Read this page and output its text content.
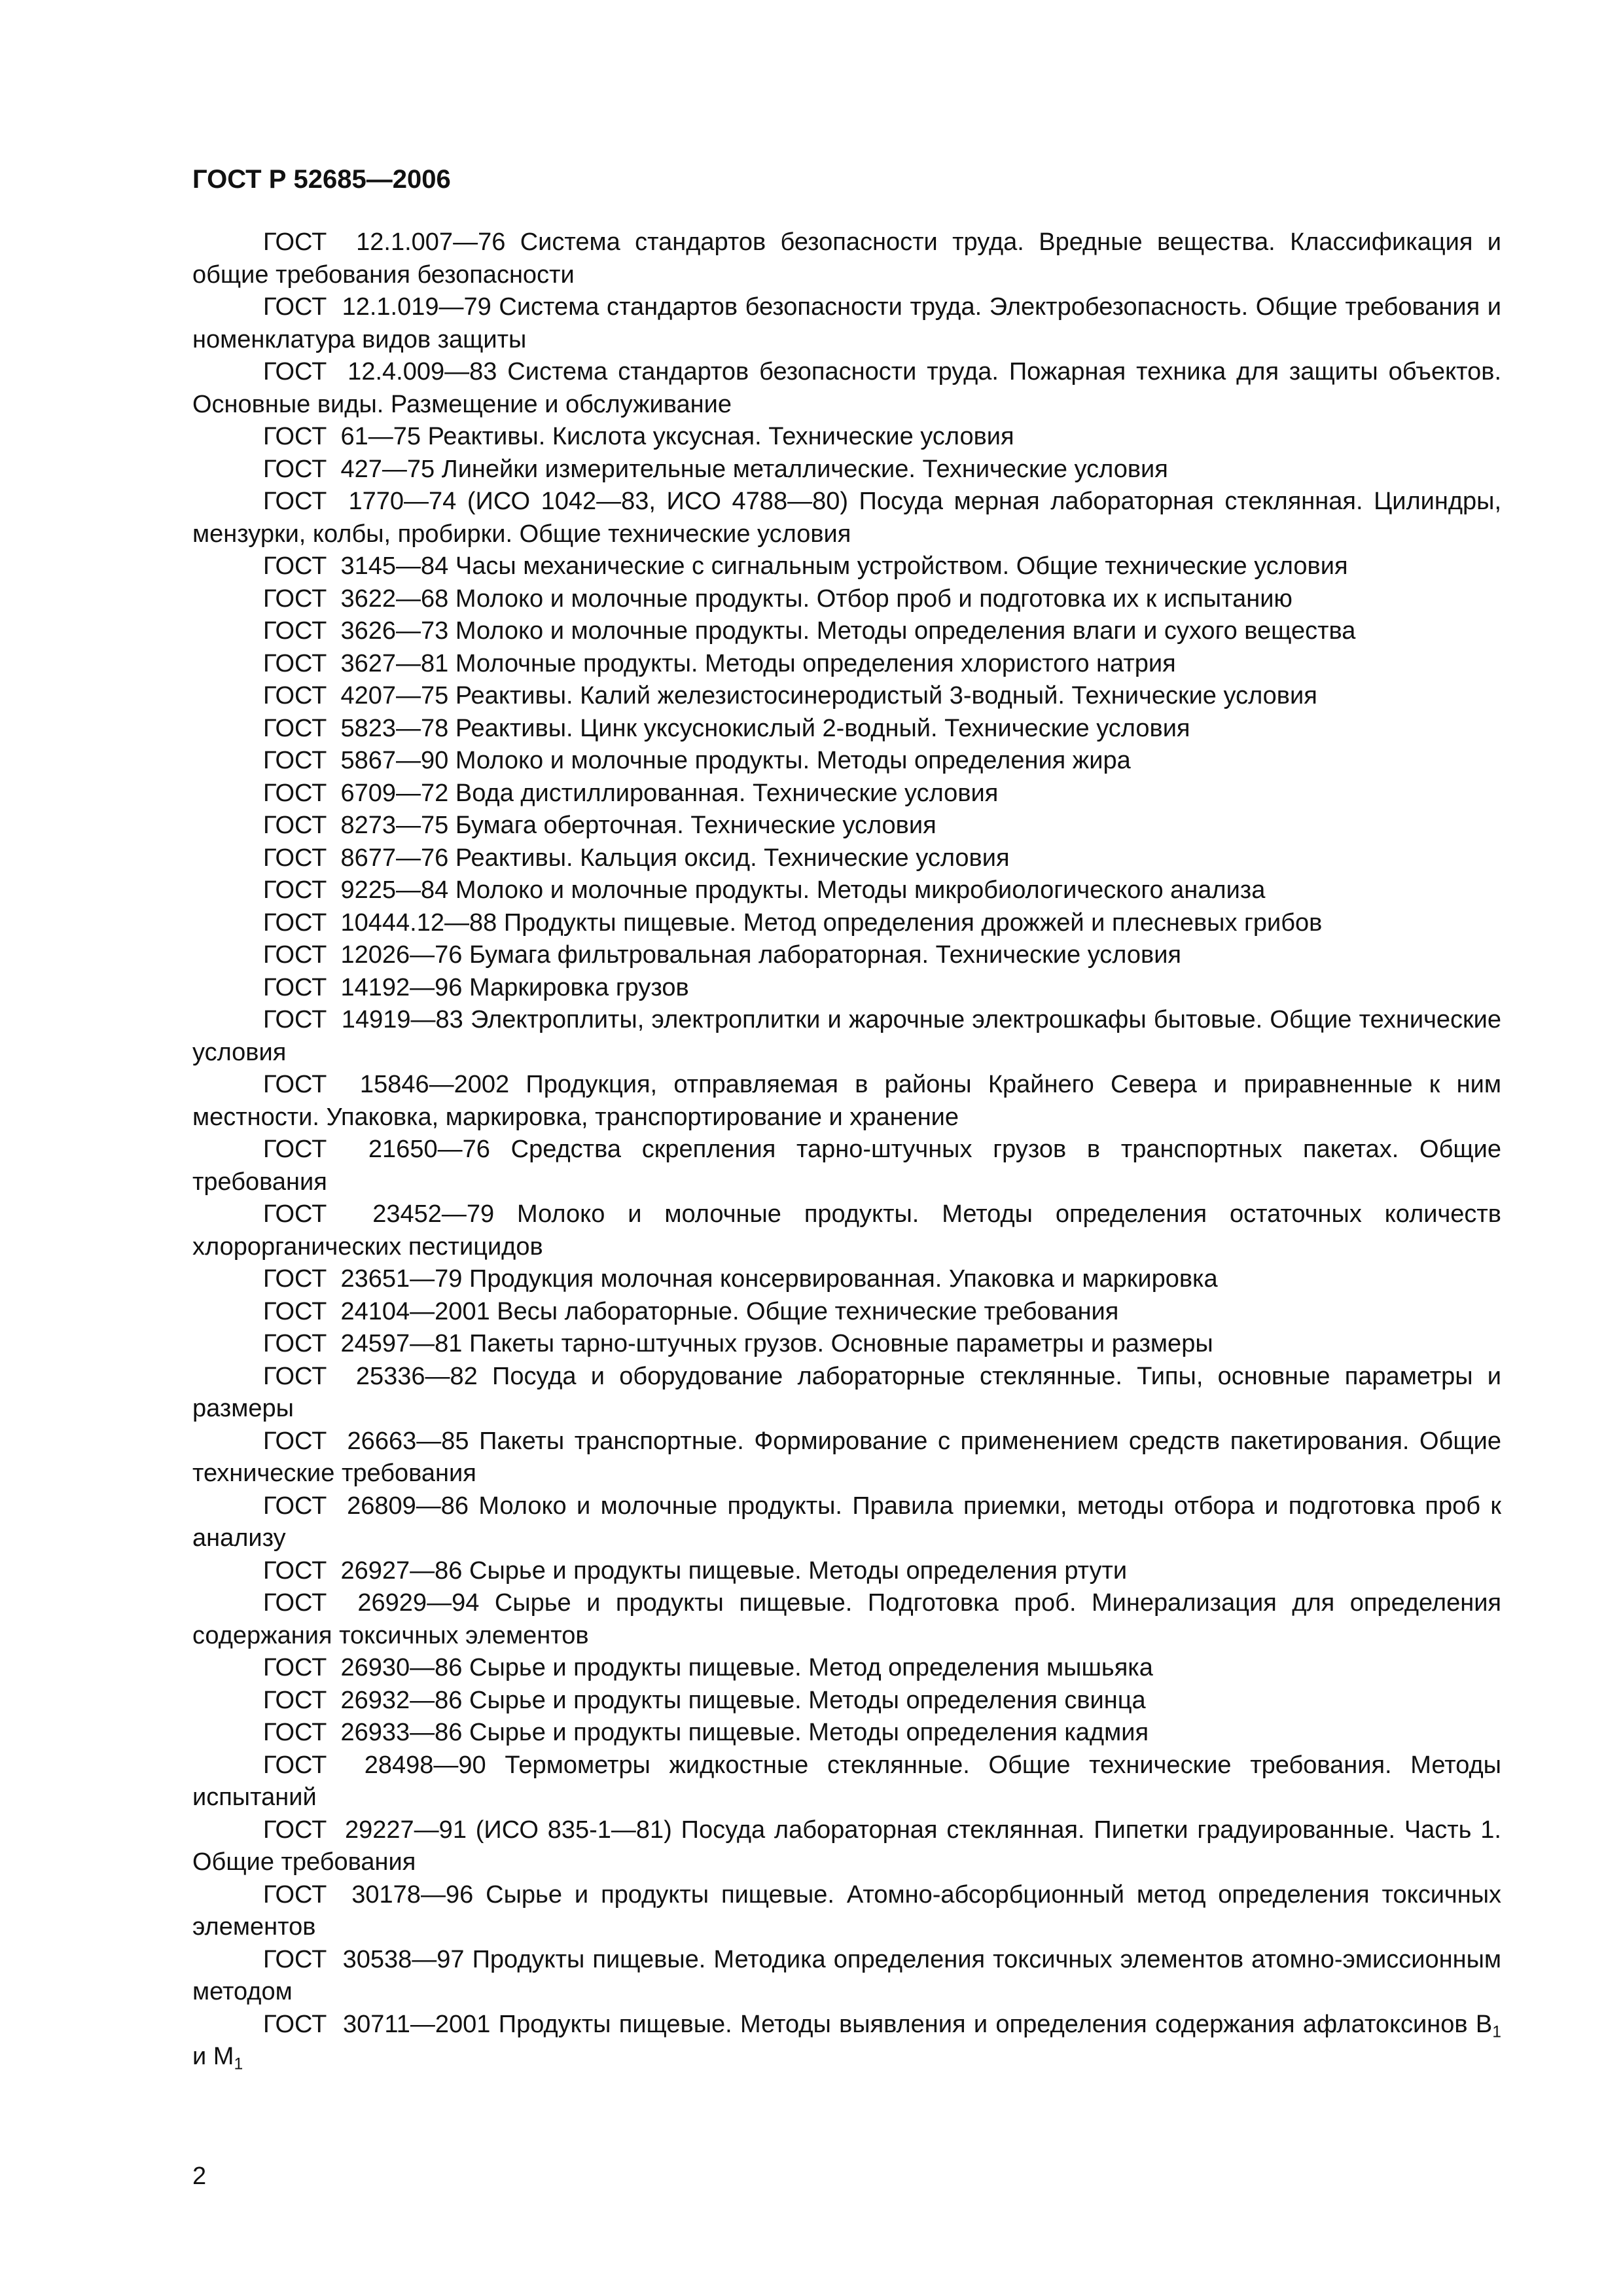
ГОСТ Р 52685—2006

ГОСТ  12.1.007—76 Система стандартов безопасности труда. Вредные вещества. Классификация и общие требования безопасности

ГОСТ  12.1.019—79 Система стандартов безопасности труда. Электробезопасность. Общие требования и номенклатура видов защиты

ГОСТ  12.4.009—83 Система стандартов безопасности труда. Пожарная техника для защиты объектов. Основные виды. Размещение и обслуживание

ГОСТ  61—75 Реактивы. Кислота уксусная. Технические условия

ГОСТ  427—75 Линейки измерительные металлические. Технические условия

ГОСТ  1770—74 (ИСО 1042—83, ИСО 4788—80) Посуда мерная лабораторная стеклянная. Цилиндры, мензурки, колбы, пробирки. Общие технические условия

ГОСТ  3145—84 Часы механические с сигнальным устройством. Общие технические условия

ГОСТ  3622—68 Молоко и молочные продукты. Отбор проб и подготовка их к испытанию

ГОСТ  3626—73 Молоко и молочные продукты. Методы определения влаги и сухого вещества

ГОСТ  3627—81 Молочные продукты. Методы определения хлористого натрия

ГОСТ  4207—75 Реактивы. Калий железистосинеродистый 3-водный. Технические условия

ГОСТ  5823—78 Реактивы. Цинк уксуснокислый 2-водный. Технические условия

ГОСТ  5867—90 Молоко и молочные продукты. Методы определения жира

ГОСТ  6709—72 Вода дистиллированная. Технические условия

ГОСТ  8273—75 Бумага оберточная. Технические условия

ГОСТ  8677—76 Реактивы. Кальция оксид. Технические условия

ГОСТ  9225—84 Молоко и молочные продукты. Методы микробиологического анализа

ГОСТ  10444.12—88 Продукты пищевые. Метод определения дрожжей и плесневых грибов

ГОСТ  12026—76 Бумага фильтровальная лабораторная. Технические условия

ГОСТ  14192—96 Маркировка грузов

ГОСТ  14919—83 Электроплиты, электроплитки и жарочные электрошкафы бытовые. Общие технические условия

ГОСТ  15846—2002 Продукция, отправляемая в районы Крайнего Севера и приравненные к ним местности. Упаковка, маркировка, транспортирование и хранение

ГОСТ  21650—76 Средства скрепления тарно-штучных грузов в транспортных пакетах. Общие требования

ГОСТ  23452—79 Молоко и молочные продукты. Методы определения остаточных количеств хлорорганических пестицидов

ГОСТ  23651—79 Продукция молочная консервированная. Упаковка и маркировка

ГОСТ  24104—2001 Весы лабораторные. Общие технические требования

ГОСТ  24597—81 Пакеты тарно-штучных грузов. Основные параметры и размеры

ГОСТ  25336—82 Посуда и оборудование лабораторные стеклянные. Типы, основные параметры и размеры

ГОСТ  26663—85 Пакеты транспортные. Формирование с применением средств пакетирования. Общие технические требования

ГОСТ  26809—86 Молоко и молочные продукты. Правила приемки, методы отбора и подготовка проб к анализу

ГОСТ  26927—86 Сырье и продукты пищевые. Методы определения ртути

ГОСТ  26929—94 Сырье и продукты пищевые. Подготовка проб. Минерализация для определения содержания токсичных элементов

ГОСТ  26930—86 Сырье и продукты пищевые. Метод определения мышьяка

ГОСТ  26932—86 Сырье и продукты пищевые. Методы определения свинца

ГОСТ  26933—86 Сырье и продукты пищевые. Методы определения кадмия

ГОСТ  28498—90 Термометры жидкостные стеклянные. Общие технические требования. Методы испытаний

ГОСТ  29227—91 (ИСО 835-1—81) Посуда лабораторная стеклянная. Пипетки градуированные. Часть 1. Общие требования

ГОСТ  30178—96 Сырье и продукты пищевые. Атомно-абсорбционный метод определения токсичных элементов

ГОСТ  30538—97 Продукты пищевые. Методика определения токсичных элементов атомно-эмиссионным методом

ГОСТ  30711—2001 Продукты пищевые. Методы выявления и определения содержания афлатоксинов $B_1$ и $M_1$

2
